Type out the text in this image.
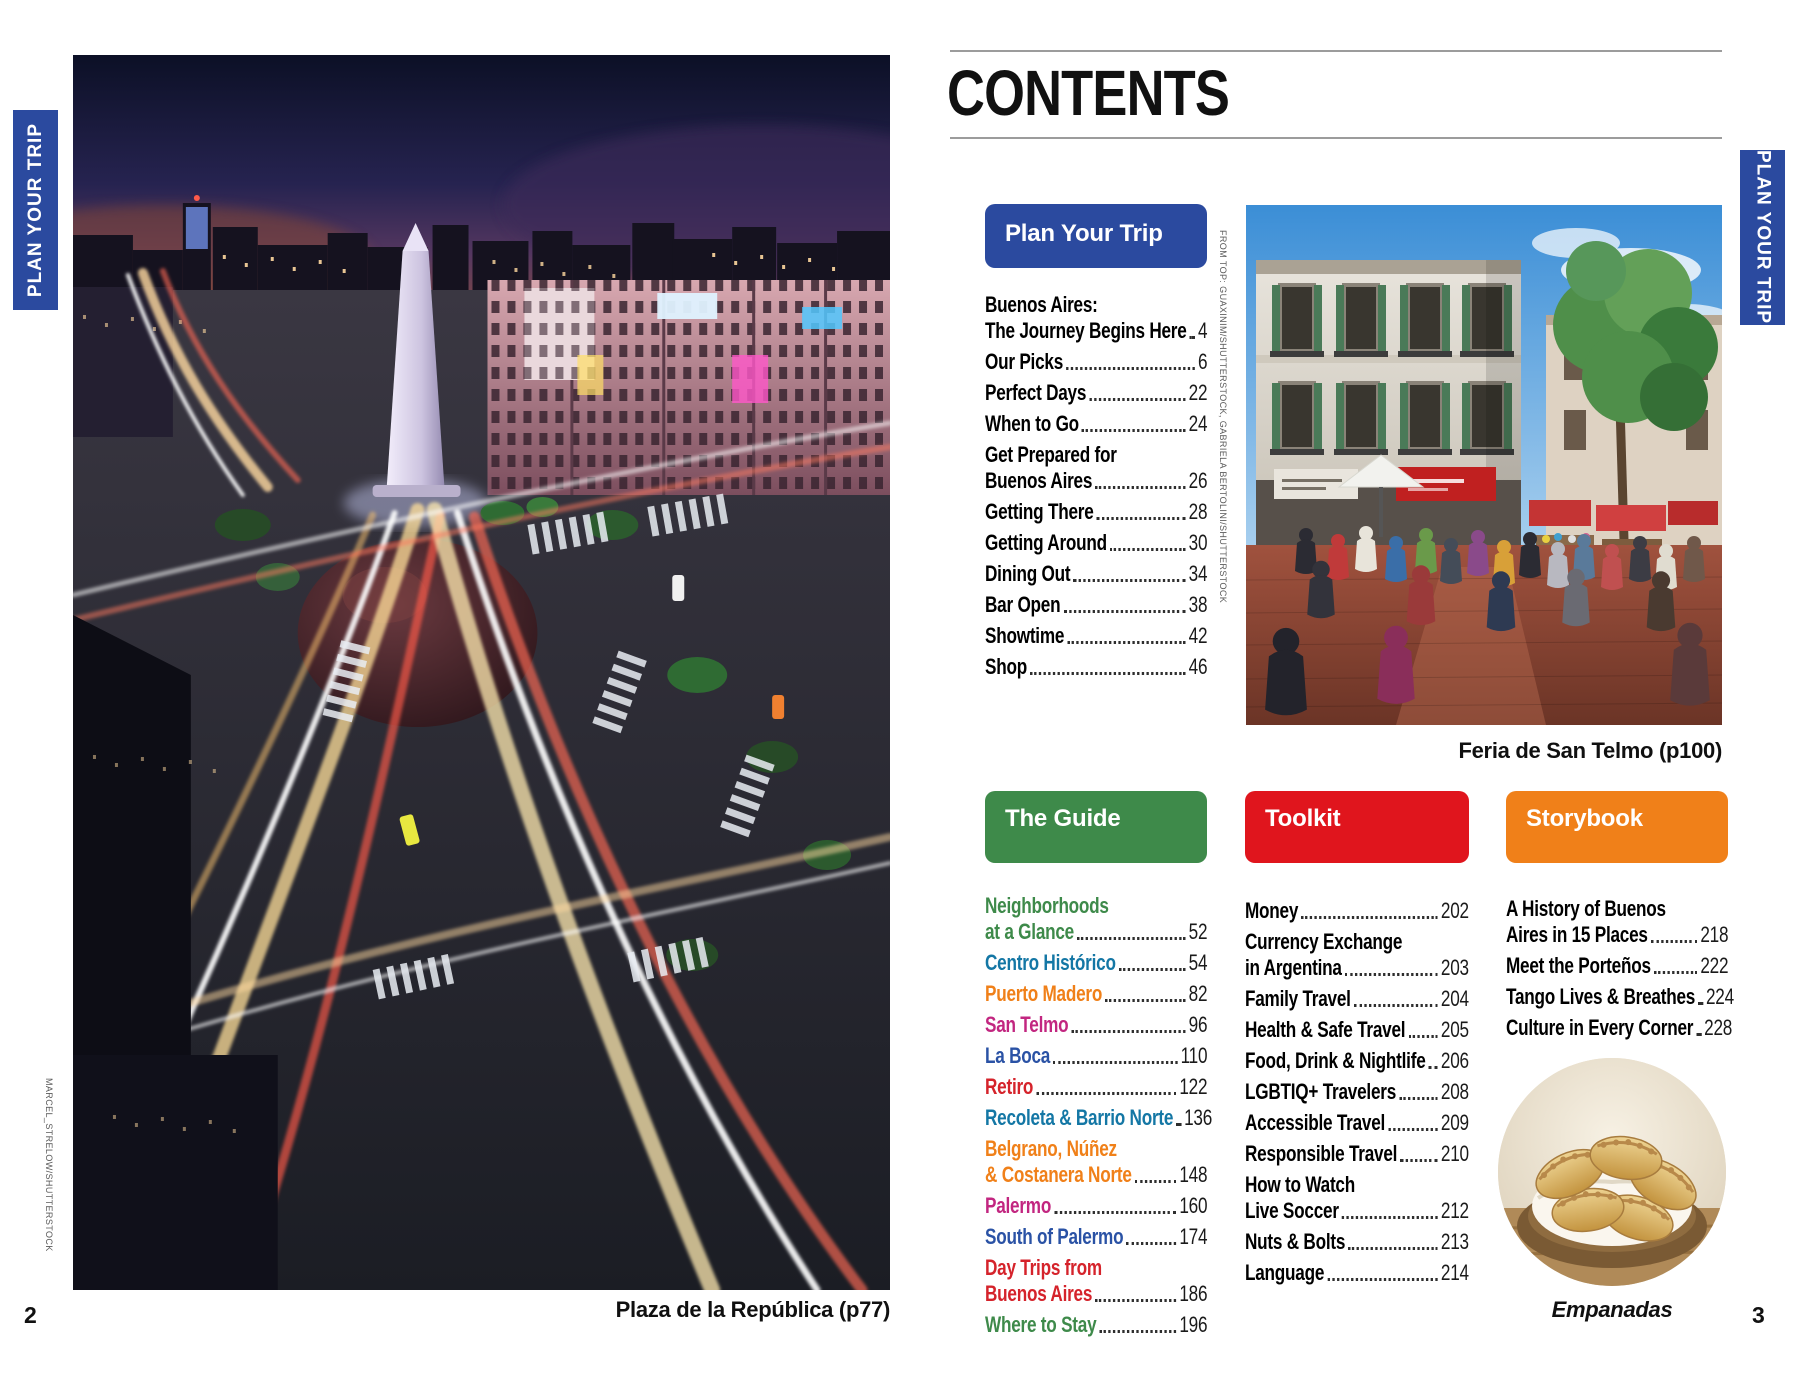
PLAN YOUR TRIP	PLAN YOUR TRIP
MARCEL_STRELOW/SHUTTERSTOCK
Plaza de la República (p77)
2
CONTENTS
Plan Your Trip
The Guide	Toolkit	Storybook
Buenos Aires:
The Journey Begins Here 4
Our Picks	6
Perfect Days	22
When to Go	24
Get Prepared for
Buenos Aires	26
Getting There	28
Getting Around	30
Dining Out	34
Bar Open	38
Showtime	42
Shop	46
Neighborhoods
at a Glance	52
Centro Histórico	54
Puerto Madero	82
San Telmo	96
La Boca	110
Retiro	122
Recoleta & Barrio Norte 136
Belgrano, Núñez
& Costanera Norte 148
Palermo	160
South of Palermo	174
Day Trips from
Buenos Aires	186
Where to Stay	196
Money	202
Currency Exchange
in Argentina	203
Family Travel	204
Health & Safe Travel 205
Food, Drink & Nightlife 206
LGBTIQ+ Travelers 208
Accessible Travel	209
Responsible Travel 210
How to Watch
Live Soccer	212
Nuts & Bolts	213
Language	214
A History of Buenos
Aires in 15 Places 218
Meet the Porteños 222
Tango Lives & Breathes 224
Culture in Every Corner 228
FROM TOP: GUAXINIM/SHUTTERSTOCK, GABRIELA BERTOLINI/SHUTTERSTOCK
Feria de San Telmo (p100)
Empanadas	3
